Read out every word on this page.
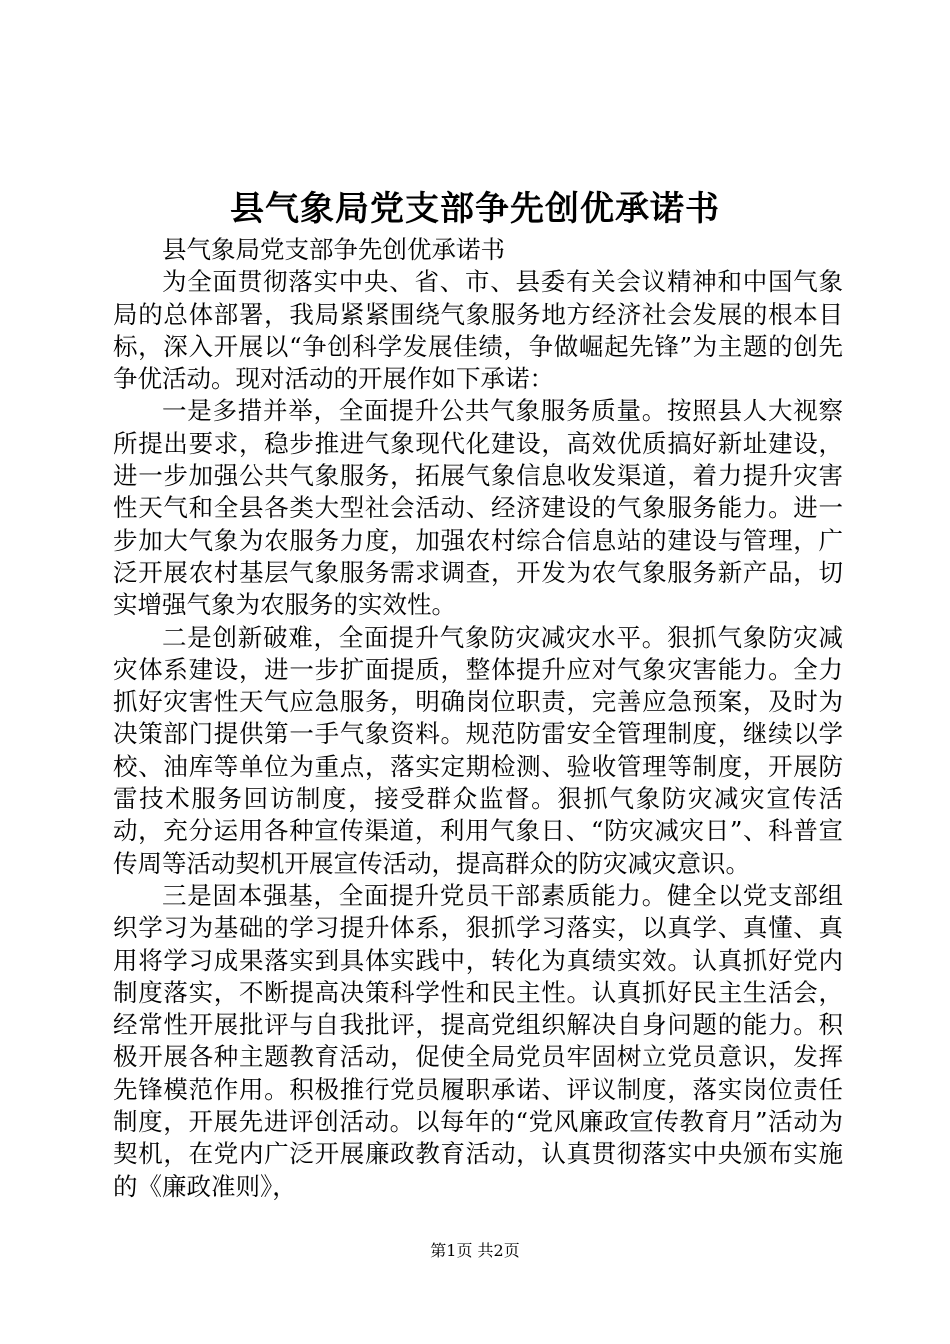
县气象局党支部争先创优承诺书

县气象局党支部争先创优承诺书

为全面贯彻落实中央、省、市、县委有关会议精神和中国气象局的总体部署，我局紧紧围绕气象服务地方经济社会发展的根本目标，深入开展以“争创科学发展佳绩，争做崛起先锋”为主题的创先争优活动。现对活动的开展作如下承诺：

一是多措并举，全面提升公共气象服务质量。按照县人大视察所提出要求，稳步推进气象现代化建设，高效优质搞好新址建设，进一步加强公共气象服务，拓展气象信息收发渠道，着力提升灾害性天气和全县各类大型社会活动、经济建设的气象服务能力。进一步加大气象为农服务力度，加强农村综合信息站的建设与管理，广泛开展农村基层气象服务需求调查，开发为农气象服务新产品，切实增强气象为农服务的实效性。

二是创新破难，全面提升气象防灾减灾水平。狠抓气象防灾减灾体系建设，进一步扩面提质，整体提升应对气象灾害能力。全力抓好灾害性天气应急服务，明确岗位职责，完善应急预案，及时为决策部门提供第一手气象资料。规范防雷安全管理制度，继续以学校、油库等单位为重点，落实定期检测、验收管理等制度，开展防雷技术服务回访制度，接受群众监督。狠抓气象防灾减灾宣传活动，充分运用各种宣传渠道，利用气象日、“防灾减灾日”、科普宣传周等活动契机开展宣传活动，提高群众的防灾减灾意识。

三是固本强基，全面提升党员干部素质能力。健全以党支部组织学习为基础的学习提升体系，狠抓学习落实，以真学、真懂、真用将学习成果落实到具体实践中，转化为真绩实效。认真抓好党内制度落实，不断提高决策科学性和民主性。认真抓好民主生活会，经常性开展批评与自我批评，提高党组织解决自身问题的能力。积极开展各种主题教育活动，促使全局党员牢固树立党员意识，发挥先锋模范作用。积极推行党员履职承诺、评议制度，落实岗位责任制度，开展先进评创活动。以每年的“党风廉政宣传教育月”活动为契机，在党内广泛开展廉政教育活动，认真贯彻落实中央颁布实施的《廉政准则》，

第1页 共2页
